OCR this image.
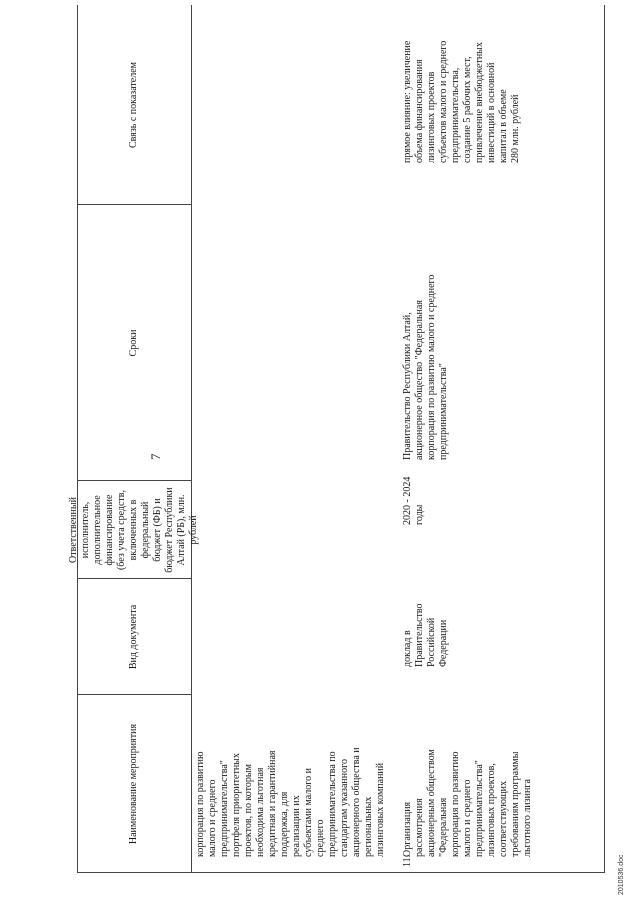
7
2010536.doc
Наименование мероприятия
Вид документа
Сроки
Ответственный исполнитель, дополнительное финансирование (без учета средств, включенных в федеральный бюджет (ФБ) и бюджет Республики Алтай (РБ), млн. рублей
Связь с показателем
корпорация по развитию
малого и среднего
предпринимательства"
портфеля приоритетных
проектов, по которым
необходима льготная
кредитная и гарантийная
поддержка, для
реализации их
субъектами малого и
среднего
предпринимательства по
стандартам указанного
акционерного общества и
региональных
лизинговых компаний
11.
Организация
рассмотрения
акционерным обществом
"Федеральная
корпорация по развитию
малого и среднего
предпринимательства"
лизинговых проектов,
соответствующих
требованиям программы
льготного лизинга
доклад в
Правительство
Российской
Федерации
2020 - 2024
годы
Правительство Республики Алтай,
акционерное общество "Федеральная
корпорация по развитию малого и среднего
предпринимательства"
прямое влияние: увеличение
объема финансирования
лизинговых проектов
субъектов малого и среднего
предпринимательства,
создание 5 рабочих мест,
привлечение внебюджетных
инвестиций в основной
капитал в объеме
280 млн. рублей
